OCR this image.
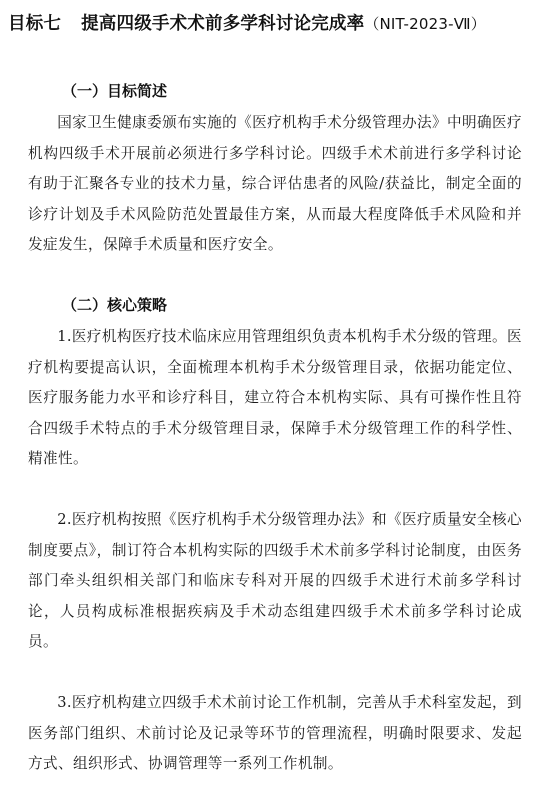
目标七 提高四级手术术前多学科讨论完成率（NIT-2023-Ⅶ）
（一）目标简述

国家卫生健康委颁布实施的《医疗机构手术分级管理办法》中明确医疗机构四级手术开展前必须进行多学科讨论。四级手术术前进行多学科讨论有助于汇聚各专业的技术力量，综合评估患者的风险/获益比，制定全面的诊疗计划及手术风险防范处置最佳方案，从而最大程度降低手术风险和并发症发生，保障手术质量和医疗安全。

（二）核心策略

1.医疗机构医疗技术临床应用管理组织负责本机构手术分级的管理。医疗机构要提高认识，全面梳理本机构手术分级管理目录，依据功能定位、医疗服务能力水平和诊疗科目，建立符合本机构实际、具有可操作性且符合四级手术特点的手术分级管理目录，保障手术分级管理工作的科学性、精准性。

2.医疗机构按照《医疗机构手术分级管理办法》和《医疗质量安全核心制度要点》，制订符合本机构实际的四级手术术前多学科讨论制度，由医务部门牵头组织相关部门和临床专科对开展的四级手术进行术前多学科讨论，人员构成标准根据疾病及手术动态组建四级手术术前多学科讨论成员。

3.医疗机构建立四级手术术前讨论工作机制，完善从手术科室发起，到医务部门组织、术前讨论及记录等环节的管理流程，明确时限要求、发起方式、组织形式、协调管理等一系列工作机制。
